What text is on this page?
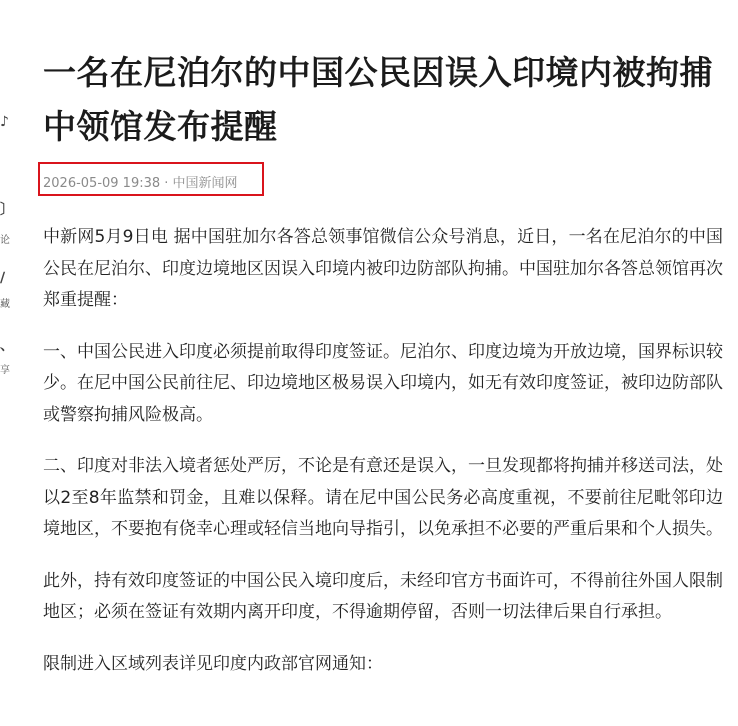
♪
〕
论
∕
藏
、
享
一名在尼泊尔的中国公民因误入印境内被拘捕 中领馆发布提醒
2026-05-09 19:38 · 中国新闻网

中新网5月9日电 据中国驻加尔各答总领事馆微信公众号消息，近日，一名在尼泊尔的中国公民在尼泊尔、印度边境地区因误入印境内被印边防部队拘捕。中国驻加尔各答总领馆再次郑重提醒：

一、中国公民进入印度必须提前取得印度签证。尼泊尔、印度边境为开放边境，国界标识较少。在尼中国公民前往尼、印边境地区极易误入印境内，如无有效印度签证，被印边防部队或警察拘捕风险极高。

二、印度对非法入境者惩处严厉，不论是有意还是误入，一旦发现都将拘捕并移送司法，处以2至8年监禁和罚金，且难以保释。请在尼中国公民务必高度重视，不要前往尼毗邻印边境地区，不要抱有侥幸心理或轻信当地向导指引，以免承担不必要的严重后果和个人损失。

此外，持有效印度签证的中国公民入境印度后，未经印官方书面许可，不得前往外国人限制地区；必须在签证有效期内离开印度，不得逾期停留，否则一切法律后果自行承担。

限制进入区域列表详见印度内政部官网通知：
